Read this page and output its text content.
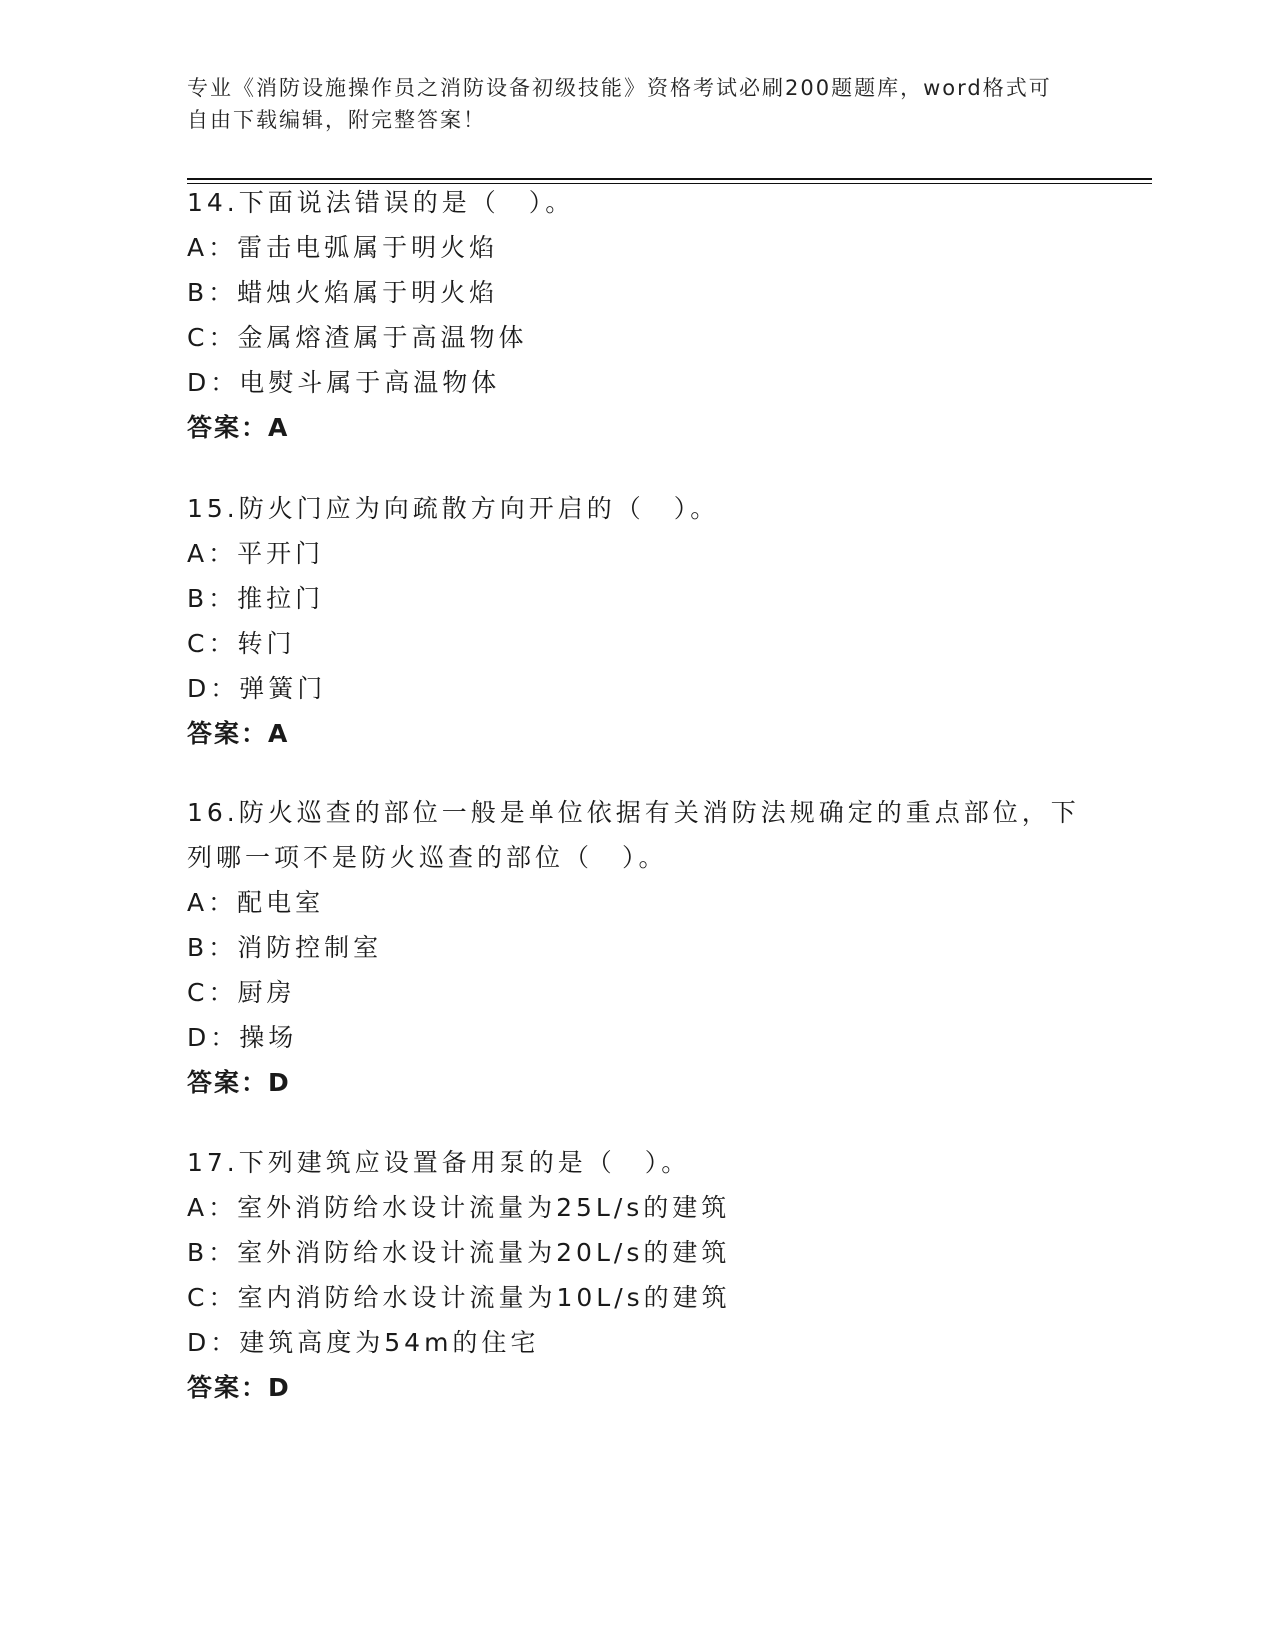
专业《消防设施操作员之消防设备初级技能》资格考试必刷200题题库，word格式可自由下载编辑，附完整答案！

14.下面说法错误的是（　）。

A：雷击电弧属于明火焰

B：蜡烛火焰属于明火焰

C：金属熔渣属于高温物体

D：电熨斗属于高温物体

答案：A

15.防火门应为向疏散方向开启的（　）。

A：平开门

B：推拉门

C：转门

D：弹簧门

答案：A

16.防火巡查的部位一般是单位依据有关消防法规确定的重点部位，下列哪一项不是防火巡查的部位（　）。

A：配电室

B：消防控制室

C：厨房

D：操场

答案：D

17.下列建筑应设置备用泵的是（　）。

A：室外消防给水设计流量为25L/s的建筑

B：室外消防给水设计流量为20L/s的建筑

C：室内消防给水设计流量为10L/s的建筑

D：建筑高度为54m的住宅

答案：D
